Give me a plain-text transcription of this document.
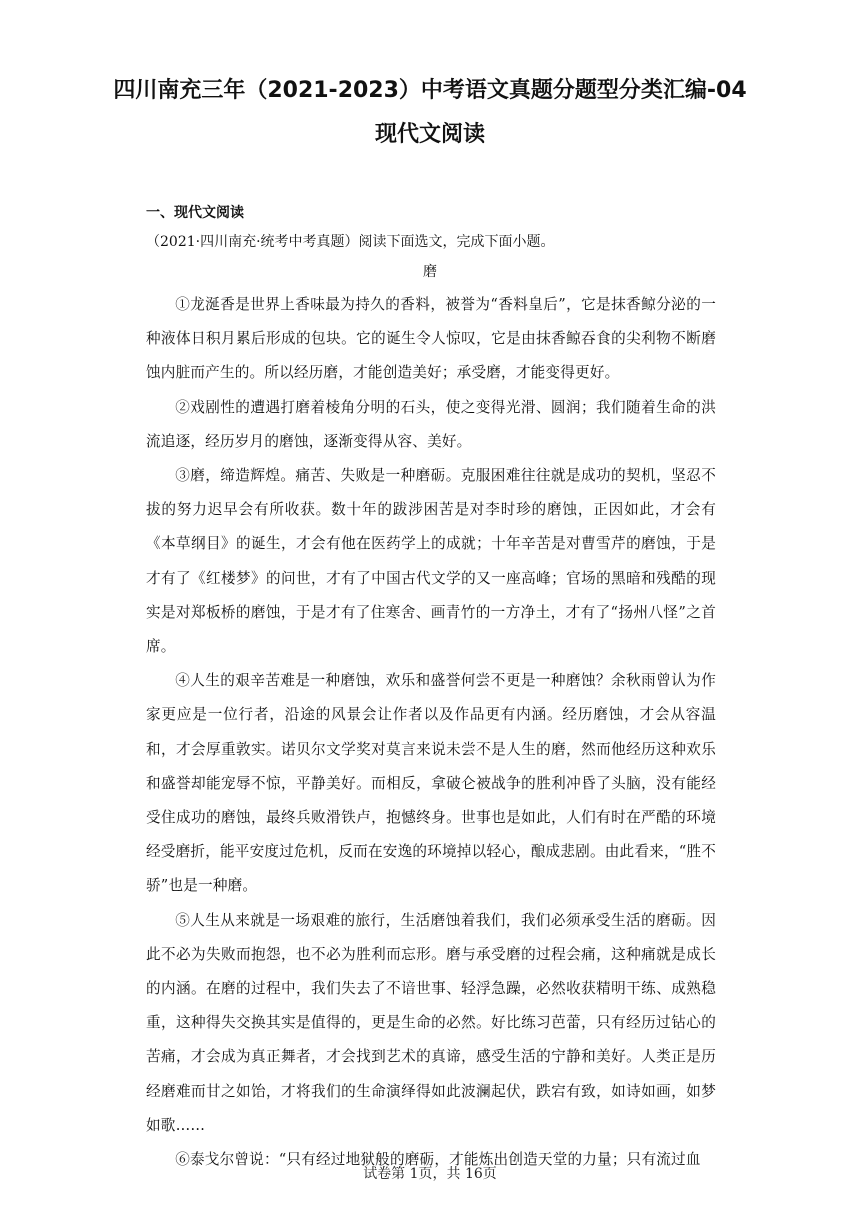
四川南充三年（2021-2023）中考语文真题分题型分类汇编-04
现代文阅读
一、现代文阅读
（2021·四川南充·统考中考真题）阅读下面选文，完成下面小题。
磨

①龙涎香是世界上香味最为持久的香料，被誉为“香料皇后”，它是抹香鲸分泌的一种液体日积月累后形成的包块。它的诞生令人惊叹，它是由抹香鲸吞食的尖利物不断磨蚀内脏而产生的。所以经历磨，才能创造美好；承受磨，才能变得更好。

②戏剧性的遭遇打磨着棱角分明的石头，使之变得光滑、圆润；我们随着生命的洪流追逐，经历岁月的磨蚀，逐渐变得从容、美好。

③磨，缔造辉煌。痛苦、失败是一种磨砺。克服困难往往就是成功的契机，坚忍不拔的努力迟早会有所收获。数十年的跋涉困苦是对李时珍的磨蚀，正因如此，才会有《本草纲目》的诞生，才会有他在医药学上的成就；十年辛苦是对曹雪芹的磨蚀，于是才有了《红楼梦》的问世，才有了中国古代文学的又一座高峰；官场的黑暗和残酷的现实是对郑板桥的磨蚀，于是才有了住寒舍、画青竹的一方净土，才有了“扬州八怪”之首席。

④人生的艰辛苦难是一种磨蚀，欢乐和盛誉何尝不更是一种磨蚀？余秋雨曾认为作家更应是一位行者，沿途的风景会让作者以及作品更有内涵。经历磨蚀，才会从容温和，才会厚重敦实。诺贝尔文学奖对莫言来说未尝不是人生的磨，然而他经历这种欢乐和盛誉却能宠辱不惊，平静美好。而相反，拿破仑被战争的胜利冲昏了头脑，没有能经受住成功的磨蚀，最终兵败滑铁卢，抱憾终身。世事也是如此，人们有时在严酷的环境经受磨折，能平安度过危机，反而在安逸的环境掉以轻心，酿成悲剧。由此看来，“胜不骄”也是一种磨。

⑤人生从来就是一场艰难的旅行，生活磨蚀着我们，我们必须承受生活的磨砺。因此不必为失败而抱怨，也不必为胜利而忘形。磨与承受磨的过程会痛，这种痛就是成长的内涵。在磨的过程中，我们失去了不谙世事、轻浮急躁，必然收获精明干练、成熟稳重，这种得失交换其实是值得的，更是生命的必然。好比练习芭蕾，只有经历过钻心的苦痛，才会成为真正舞者，才会找到艺术的真谛，感受生活的宁静和美好。人类正是历经磨难而甘之如饴，才将我们的生命演绎得如此波澜起伏，跌宕有致，如诗如画，如梦如歌……

⑥泰戈尔曾说：“只有经过地狱般的磨砺，才能炼出创造天堂的力量；只有流过血

试卷第 1页，共 16页
